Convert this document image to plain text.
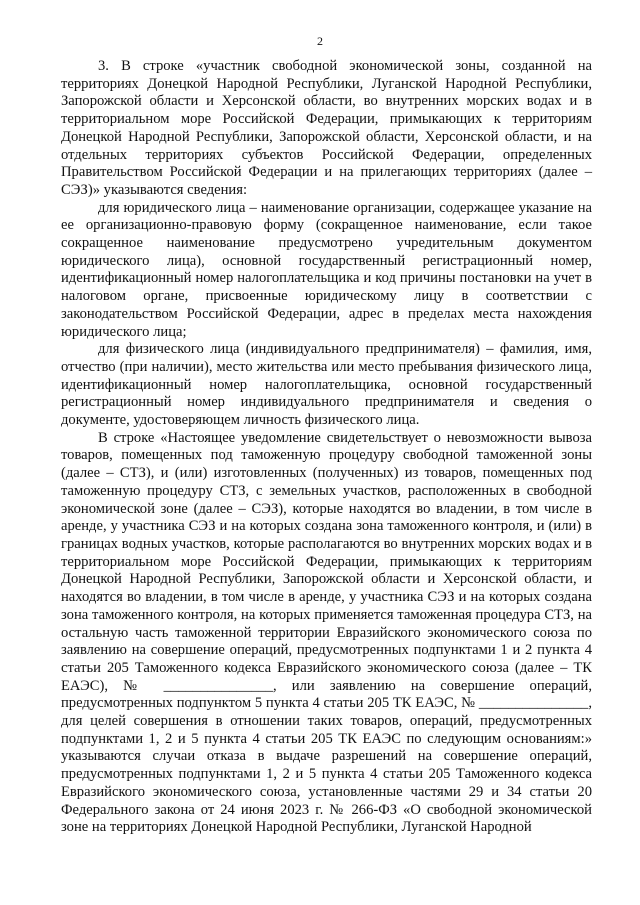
2

3. В строке «участник свободной экономической зоны, созданной на территориях Донецкой Народной Республики, Луганской Народной Республики, Запорожской области и Херсонской области, во внутренних морских водах и в территориальном море Российской Федерации, примыкающих к территориям Донецкой Народной Республики, Запорожской области, Херсонской области, и на отдельных территориях субъектов Российской Федерации, определенных Правительством Российской Федерации и на прилегающих территориях (далее – СЭЗ)» указываются сведения:

для юридического лица – наименование организации, содержащее указание на ее организационно-правовую форму (сокращенное наименование, если такое сокращенное наименование предусмотрено учредительным документом юридического лица), основной государственный регистрационный номер, идентификационный номер налогоплательщика и код причины постановки на учет в налоговом органе, присвоенные юридическому лицу в соответствии с законодательством Российской Федерации, адрес в пределах места нахождения юридического лица;

для физического лица (индивидуального предпринимателя) – фамилия, имя, отчество (при наличии), место жительства или место пребывания физического лица, идентификационный номер налогоплательщика, основной государственный регистрационный номер индивидуального предпринимателя и сведения о документе, удостоверяющем личность физического лица.

В строке «Настоящее уведомление свидетельствует о невозможности вывоза товаров, помещенных под таможенную процедуру свободной таможенной зоны (далее – СТЗ), и (или) изготовленных (полученных) из товаров, помещенных под таможенную процедуру СТЗ, с земельных участков, расположенных в свободной экономической зоне (далее – СЭЗ), которые находятся во владении, в том числе в аренде, у участника СЭЗ и на которых создана зона таможенного контроля, и (или) в границах водных участков, которые располагаются во внутренних морских водах и в территориальном море Российской Федерации, примыкающих к территориям Донецкой Народной Республики, Запорожской области и Херсонской области, и находятся во владении, в том числе в аренде, у участника СЭЗ и на которых создана зона таможенного контроля, на которых применяется таможенная процедура СТЗ, на остальную часть таможенной территории Евразийского экономического союза по заявлению на совершение операций, предусмотренных подпунктами 1 и 2 пункта 4 статьи 205 Таможенного кодекса Евразийского экономического союза (далее – ТК ЕАЭС), № _______________, или заявлению на совершение операций, предусмотренных подпунктом 5 пункта 4 статьи 205 ТК ЕАЭС, № _______________, для целей совершения в отношении таких товаров, операций, предусмотренных подпунктами 1, 2 и 5 пункта 4 статьи 205 ТК ЕАЭС по следующим основаниям:» указываются случаи отказа в выдаче разрешений на совершение операций, предусмотренных подпунктами 1, 2 и 5 пункта 4 статьи 205 Таможенного кодекса Евразийского экономического союза, установленные частями 29 и 34 статьи 20 Федерального закона от 24 июня 2023 г. № 266-ФЗ «О свободной экономической зоне на территориях Донецкой Народной Республики, Луганской Народной
